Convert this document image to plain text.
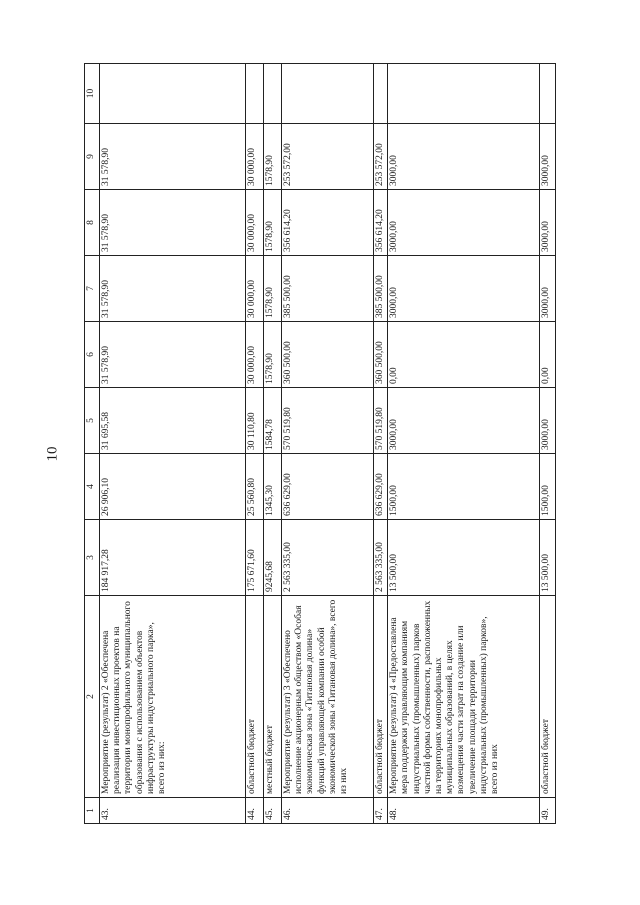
10
1	2	3	4	5	6	7	8	9	10
43.	Мероприятие (результат) 2 «Обеспечена реализация инвестиционных проектов на территории монопрофильного муниципального образования с использованием объектов инфраструктуры индустриального парка», всего из них:	184 917,28	26 906,10	31 695,58	31 578,90	31 578,90	31 578,90	31 578,90	
44.	областной бюджет	175 671,60	25 560,80	30 110,80	30 000,00	30 000,00	30 000,00	30 000,00	
45.	местный бюджет	9245,68	1345,30	1584,78	1578,90	1578,90	1578,90	1578,90	
46.	Мероприятие (результат) 3 «Обеспечено исполнение акционерным обществом «Особая экономическая зона «Титановая долина» функций управляющей компании особой экономической зоны «Титановая долина», всего из них	2 563 335,00	636 629,00	570 519,80	360 500,00	385 500,00	356 614,20	253 572,00	
47.	областной бюджет	2 563 335,00	636 629,00	570 519,80	360 500,00	385 500,00	356 614,20	253 572,00	
48.	Мероприятие (результат) 4 «Предоставлена мера поддержки управляющим компаниям индустриальных (промышленных) парков частной формы собственности, расположенных на территориях монопрофильных муниципальных образований, в целях возмещения части затрат на создание или увеличение площади территории индустриальных (промышленных) парков», всего из них	13 500,00	1500,00	3000,00	0,00	3000,00	3000,00	3000,00	
49.	областной бюджет	13 500,00	1500,00	3000,00	0,00	3000,00	3000,00	3000,00	
